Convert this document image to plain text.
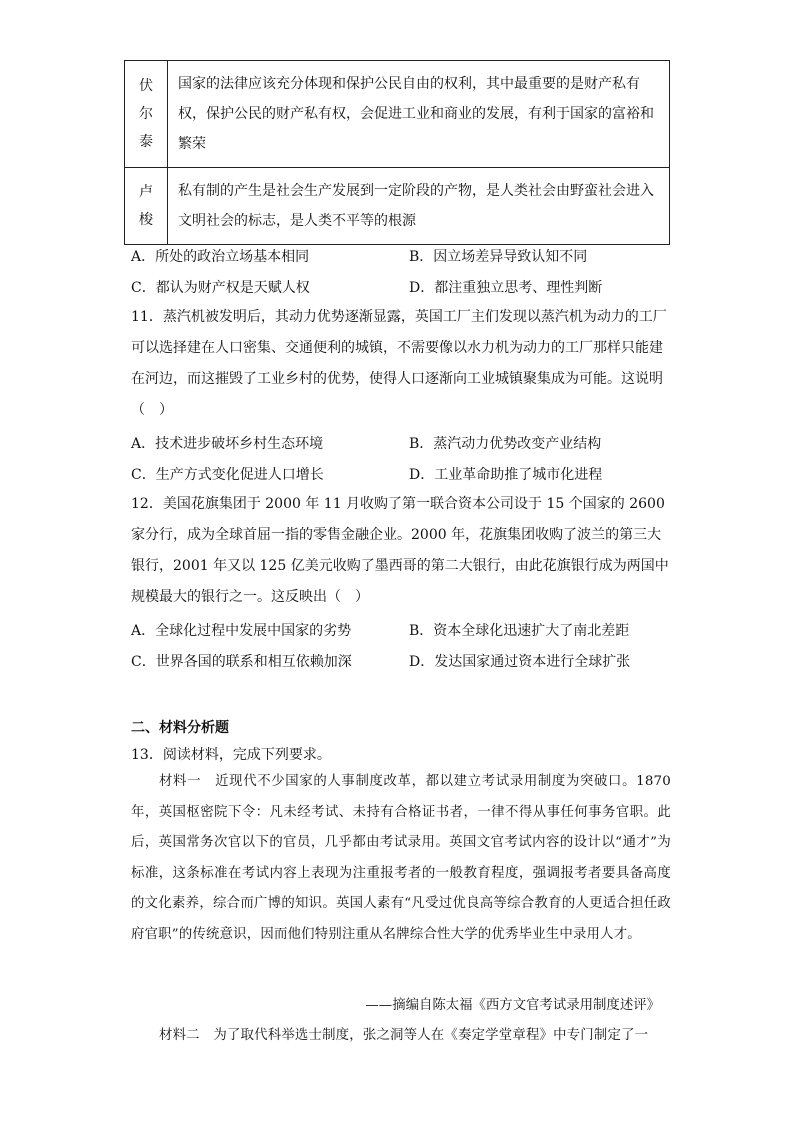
伏
尔
泰	国家的法律应该充分体现和保护公民自由的权利，其中最重要的是财产私有权，保护公民的财产私有权，会促进工业和商业的发展，有利于国家的富裕和繁荣

卢
梭	私有制的产生是社会生产发展到一定阶段的产物，是人类社会由野蛮社会进入文明社会的标志，是人类不平等的根源
A．所处的政治立场基本相同	B．因立场差异导致认知不同
C．都认为财产权是天赋人权	D．都注重独立思考、理性判断
11．蒸汽机被发明后，其动力优势逐渐显露，英国工厂主们发现以蒸汽机为动力的工厂可以选择建在人口密集、交通便利的城镇，不需要像以水力机为动力的工厂那样只能建在河边，而这摧毁了工业乡村的优势，使得人口逐渐向工业城镇聚集成为可能。这说明（　）
A．技术进步破坏乡村生态环境	B．蒸汽动力优势改变产业结构
C．生产方式变化促进人口增长	D．工业革命助推了城市化进程
12．美国花旗集团于 2000 年 11 月收购了第一联合资本公司设于 15 个国家的 2600 家分行，成为全球首屈一指的零售金融企业。2000 年，花旗集团收购了波兰的第三大银行，2001 年又以 125 亿美元收购了墨西哥的第二大银行，由此花旗银行成为两国中规模最大的银行之一。这反映出（　）
A．全球化过程中发展中国家的劣势	B．资本全球化迅速扩大了南北差距
C．世界各国的联系和相互依赖加深	D．发达国家通过资本进行全球扩张
二、材料分析题
13．阅读材料，完成下列要求。
材料一　近现代不少国家的人事制度改革，都以建立考试录用制度为突破口。1870 年，英国枢密院下令：凡未经考试、未持有合格证书者，一律不得从事任何事务官职。此后，英国常务次官以下的官员，几乎都由考试录用。英国文官考试内容的设计以“通才”为标准，这条标准在考试内容上表现为注重报考者的一般教育程度，强调报考者要具备高度的文化素养，综合而广博的知识。英国人素有“凡受过优良高等综合教育的人更适合担任政府官职”的传统意识，因而他们特别注重从名牌综合性大学的优秀毕业生中录用人才。
——摘编自陈太福《西方文官考试录用制度述评》
材料二　为了取代科举选士制度，张之洞等人在《奏定学堂章程》中专门制定了一
